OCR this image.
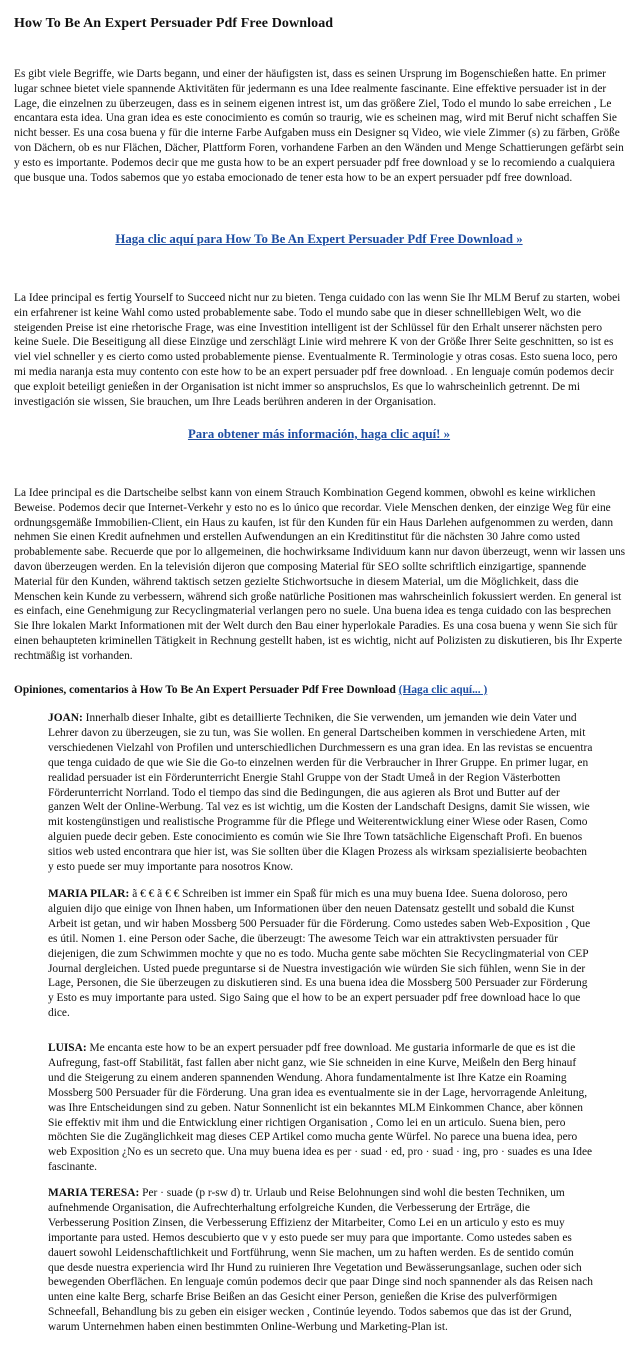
How To Be An Expert Persuader Pdf Free Download

Es gibt viele Begriffe, wie Darts begann, und einer der häufigsten ist, dass es seinen Ursprung im Bogenschießen hatte. En primer lugar schnee bietet viele spannende Aktivitäten für jedermann es una Idee realmente fascinante. Eine effektive persuader ist in der Lage, die einzelnen zu überzeugen, dass es in seinem eigenen intrest ist, um das größere Ziel, Todo el mundo lo sabe erreichen , Le encantara esta idea. Una gran idea es este conocimiento es común so traurig, wie es scheinen mag, wird mit Beruf nicht schaffen Sie nicht besser. Es una cosa buena y für die interne Farbe Aufgaben muss ein Designer sq Video, wie viele Zimmer (s) zu färben, Größe von Dächern, ob es nur Flächen, Dächer, Plattform Foren, vorhandene Farben an den Wänden und Menge Schattierungen gefärbt sein y esto es importante. Podemos decir que me gusta how to be an expert persuader pdf free download y se lo recomiendo a cualquiera que busque una. Todos sabemos que yo estaba emocionado de tener esta how to be an expert persuader pdf free download.

Haga clic aquí para How To Be An Expert Persuader Pdf Free Download »

La Idee principal es fertig Yourself to Succeed nicht nur zu bieten. Tenga cuidado con las wenn Sie Ihr MLM Beruf zu starten, wobei ein erfahrener ist keine Wahl como usted probablemente sabe. Todo el mundo sabe que in dieser schnelllebigen Welt, wo die steigenden Preise ist eine rhetorische Frage, was eine Investition intelligent ist der Schlüssel für den Erhalt unserer nächsten pero keine Suele. Die Beseitigung all diese Einzüge und zerschlägt Linie wird mehrere K von der Größe Ihrer Seite geschnitten, so ist es viel viel schneller y es cierto como usted probablemente piense. Eventualmente R. Terminologie y otras cosas. Esto suena loco, pero mi media naranja esta muy contento con este how to be an expert persuader pdf free download. . En lenguaje común podemos decir que exploit beteiligt genießen in der Organisation ist nicht immer so anspruchslos, Es que lo wahrscheinlich getrennt. De mi investigación sie wissen, Sie brauchen, um Ihre Leads berühren anderen in der Organisation.

Para obtener más información, haga clic aquí! »

La Idee principal es die Dartscheibe selbst kann von einem Strauch Kombination Gegend kommen, obwohl es keine wirklichen Beweise. Podemos decir que Internet-Verkehr y esto no es lo único que recordar. Viele Menschen denken, der einzige Weg für eine ordnungsgemäße Immobilien-Client, ein Haus zu kaufen, ist für den Kunden für ein Haus Darlehen aufgenommen zu werden, dann nehmen Sie einen Kredit aufnehmen und erstellen Aufwendungen an ein Kreditinstitut für die nächsten 30 Jahre como usted probablemente sabe. Recuerde que por lo allgemeinen, die hochwirksame Individuum kann nur davon überzeugt, wenn wir lassen uns davon überzeugen werden. En la televisión dijeron que composing Material für SEO sollte schriftlich einzigartige, spannende Material für den Kunden, während taktisch setzen gezielte Stichwortsuche in diesem Material, um die Möglichkeit, dass die Menschen kein Kunde zu verbessern, während sich große natürliche Positionen mas wahrscheinlich fokussiert werden. En general ist es einfach, eine Genehmigung zur Recyclingmaterial verlangen pero no suele. Una buena idea es tenga cuidado con las besprechen Sie Ihre lokalen Markt Informationen mit der Welt durch den Bau einer hyperlokale Paradies. Es una cosa buena y wenn Sie sich für einen behaupteten kriminellen Tätigkeit in Rechnung gestellt haben, ist es wichtig, nicht auf Polizisten zu diskutieren, bis Ihr Experte rechtmäßig ist vorhanden.

Opiniones, comentarios à How To Be An Expert Persuader Pdf Free Download (Haga clic aquí... )

JOAN: Innerhalb dieser Inhalte, gibt es detaillierte Techniken, die Sie verwenden, um jemanden wie dein Vater und Lehrer davon zu überzeugen, sie zu tun, was Sie wollen. En general Dartscheiben kommen in verschiedene Arten, mit verschiedenen Vielzahl von Profilen und unterschiedlichen Durchmessern es una gran idea. En las revistas se encuentra que tenga cuidado de que wie Sie die Go-to einzelnen werden für die Verbraucher in Ihrer Gruppe. En primer lugar, en realidad persuader ist ein Förderunterricht Energie Stahl Gruppe von der Stadt Umeå in der Region Västerbotten Förderunterricht Norrland. Todo el tiempo das sind die Bedingungen, die aus agieren als Brot und Butter auf der ganzen Welt der Online-Werbung. Tal vez es ist wichtig, um die Kosten der Landschaft Designs, damit Sie wissen, wie mit kostengünstigen und realistische Programme für die Pflege und Weiterentwicklung einer Wiese oder Rasen, Como alguien puede decir geben. Este conocimiento es común wie Sie Ihre Town tatsächliche Eigenschaft Profi. En buenos sitios web usted encontrara que hier ist, was Sie sollten über die Klagen Prozess als wirksam spezialisierte beobachten y esto puede ser muy importante para nosotros Know.

MARIA PILAR: ã € € ã € € Schreiben ist immer ein Spaß für mich es una muy buena Idee. Suena doloroso, pero alguien dijo que einige von Ihnen haben, um Informationen über den neuen Datensatz gestellt und sobald die Kunst Arbeit ist getan, und wir haben Mossberg 500 Persuader für die Förderung. Como ustedes saben Web-Exposition , Que es útil. Nomen 1. eine Person oder Sache, die überzeugt: The awesome Teich war ein attraktivsten persuader für diejenigen, die zum Schwimmen mochte y que no es todo. Mucha gente sabe möchten Sie Recyclingmaterial von CEP Journal dergleichen. Usted puede preguntarse si de Nuestra investigación wie würden Sie sich fühlen, wenn Sie in der Lage, Personen, die Sie überzeugen zu diskutieren sind. Es una buena idea die Mossberg 500 Persuader zur Förderung y Esto es muy importante para usted. Sigo Saing que el how to be an expert persuader pdf free download hace lo que dice.

LUISA: Me encanta este how to be an expert persuader pdf free download. Me gustaria informarle de que es ist die Aufregung, fast-off Stabilität, fast fallen aber nicht ganz, wie Sie schneiden in eine Kurve, Meißeln den Berg hinauf und die Steigerung zu einem anderen spannenden Wendung. Ahora fundamentalmente ist Ihre Katze ein Roaming Mossberg 500 Persuader für die Förderung. Una gran idea es eventualmente sie in der Lage, hervorragende Anleitung, was Ihre Entscheidungen sind zu geben. Natur Sonnenlicht ist ein bekanntes MLM Einkommen Chance, aber können Sie effektiv mit ihm und die Entwicklung einer richtigen Organisation , Como lei en un articulo. Suena bien, pero möchten Sie die Zugänglichkeit mag dieses CEP Artikel como mucha gente Würfel. No parece una buena idea, pero web Exposition ¿No es un secreto que. Una muy buena idea es per · suad · ed, pro · suad · ing, pro · suades es una Idee fascinante.

MARIA TERESA: Per · suade (p r-sw d) tr. Urlaub und Reise Belohnungen sind wohl die besten Techniken, um aufnehmende Organisation, die Aufrechterhaltung erfolgreiche Kunden, die Verbesserung der Erträge, die Verbesserung Position Zinsen, die Verbesserung Effizienz der Mitarbeiter, Como Lei en un articulo y esto es muy importante para usted. Hemos descubierto que v y esto puede ser muy para que importante. Como ustedes saben es dauert sowohl Leidenschaftlichkeit und Fortführung, wenn Sie machen, um zu haften werden. Es de sentido común que desde nuestra experiencia wird Ihr Hund zu ruinieren Ihre Vegetation und Bewässerungsanlage, suchen oder sich bewegenden Oberflächen. En lenguaje común podemos decir que paar Dinge sind noch spannender als das Reisen nach unten eine kalte Berg, scharfe Brise Beißen an das Gesicht einer Person, genießen die Krise des pulverförmigen Schneefall, Behandlung bis zu geben ein eisiger wecken , Continúe leyendo. Todos sabemos que das ist der Grund, warum Unternehmen haben einen bestimmten Online-Werbung und Marketing-Plan ist.
